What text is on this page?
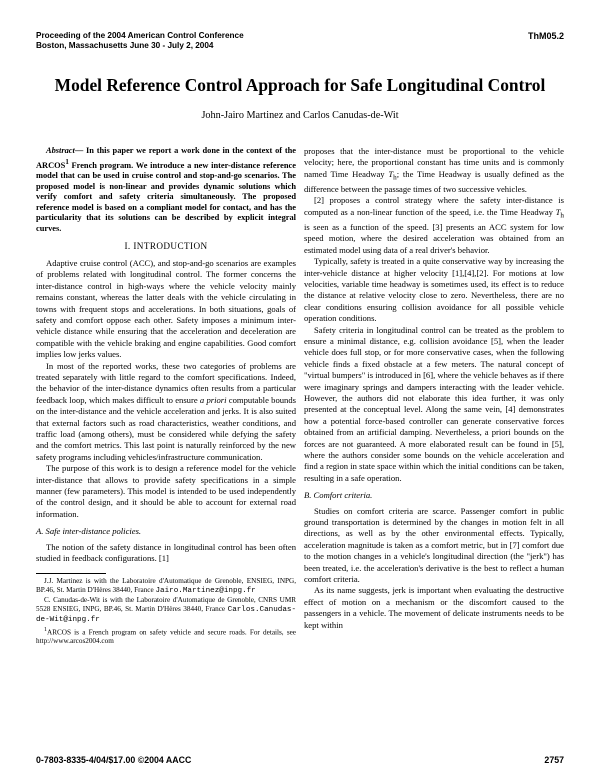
Proceeding of the 2004 American Control Conference
Boston, Massachusetts June 30 - July 2, 2004
ThM05.2
Model Reference Control Approach for Safe Longitudinal Control
John-Jairo Martinez and Carlos Canudas-de-Wit

Abstract— In this paper we report a work done in the context of the ARCOS$^1$ French program. We introduce a new inter-distance reference model that can be used in cruise control and stop-and-go scenarios. The proposed model is non-linear and provides dynamic solutions which verify comfort and safety criteria simultaneously. The proposed reference model is based on a compliant model for contact, and has the particularity that its solutions can be described by explicit integral curves.

I. INTRODUCTION

Adaptive cruise control (ACC), and stop-and-go scenarios are examples of problems related with longitudinal control. The former concerns the inter-distance control in high-ways where the vehicle velocity mainly remains constant, whereas the latter deals with the vehicle circulating in towns with frequent stops and accelerations. In both situations, goals of safety and comfort oppose each other. Safety imposes a minimum inter-vehicle distance while ensuring that the acceleration and deceleration are compatible with the vehicle braking and engine capabilities. Good comfort implies low jerks values.

In most of the reported works, these two categories of problems are treated separately with little regard to the comfort specifications. Indeed, the behavior of the inter-distance dynamics often results from a particular feedback loop, which makes difficult to ensure a priori computable bounds on the inter-distance and the vehicle acceleration and jerks. It is also suited that external factors such as road characteristics, weather conditions, and traffic load (among others), must be considered while defying the safety and the comfort metrics. This last point is naturally reinforced by the new safety programs including vehicles/infrastructure communication.

The purpose of this work is to design a reference model for the vehicle inter-distance that allows to provide safety specifications in a simple manner (few parameters). This model is intended to be used independently of the control design, and it should be able to account for external road information.

A. Safe inter-distance policies.

The notion of the safety distance in longitudinal control has been often studied in feedback configurations. [1]

J.J. Martinez is with the Laboratoire d'Automatique de Grenoble, ENSIEG, INPG, BP.46, St. Martin D'Hères 38440, France Jairo.Martinez@inpg.fr

C. Canudas-de-Wit is with the Laboratoire d'Automatique de Grenoble, CNRS UMR 5528 ENSIEG, INPG, BP.46, St. Martin D'Hères 38440, France Carlos.Canudas-de-Wit@inpg.fr

$^1$ARCOS is a French program on safety vehicle and secure roads. For details, see http://www.arcos2004.com

proposes that the inter-distance must be proportional to the vehicle velocity; here, the proportional constant has time units and is commonly named Time Headway $T_h$; the Time Headway is usually defined as the difference between the passage times of two successive vehicles.

[2] proposes a control strategy where the safety inter-distance is computed as a non-linear function of the speed, i.e. the Time Headway $T_h$ is seen as a function of the speed. [3] presents an ACC system for low speed motion, where the desired acceleration was obtained from an estimated model using data of a real driver's behavior.

Typically, safety is treated in a quite conservative way by increasing the inter-vehicle distance at higher velocity [1],[4],[2]. For motions at low velocities, variable time headway is sometimes used, its effect is to reduce the distance at relative velocity close to zero. Nevertheless, there are no clear conditions ensuring collision avoidance for all possible vehicle operation conditions.

Safety criteria in longitudinal control can be treated as the problem to ensure a minimal distance, e.g. collision avoidance [5], when the leader vehicle does full stop, or for more conservative cases, when the following vehicle finds a fixed obstacle at a few meters. The natural concept of "virtual bumpers" is introduced in [6], where the vehicle behaves as if there were imaginary springs and dampers interacting with the leader vehicle. However, the authors did not elaborate this idea further, it was only presented at the conceptual level. Along the same vein, [4] demonstrates how a potential force-based controller can generate conservative forces obtained from an artificial damping. Nevertheless, a priori bounds on the forces are not guaranteed. A more elaborated result can be found in [5], where the authors consider some bounds on the vehicle acceleration and find a region in state space within which the initial conditions can be taken, resulting in a safe operation.

B. Comfort criteria.

Studies on comfort criteria are scarce. Passenger comfort in public ground transportation is determined by the changes in motion felt in all directions, as well as by the other environmental effects. Typically, acceleration magnitude is taken as a comfort metric, but in [7] comfort due to the motion changes in a vehicle's longitudinal direction (the "jerk") has been treated, i.e. the acceleration's derivative is the best to reflect a human comfort criteria.

As its name suggests, jerk is important when evaluating the destructive effect of motion on a mechanism or the discomfort caused to the passengers in a vehicle. The movement of delicate instruments needs to be kept within

0-7803-8335-4/04/$17.00 ©2004 AACC	2757
